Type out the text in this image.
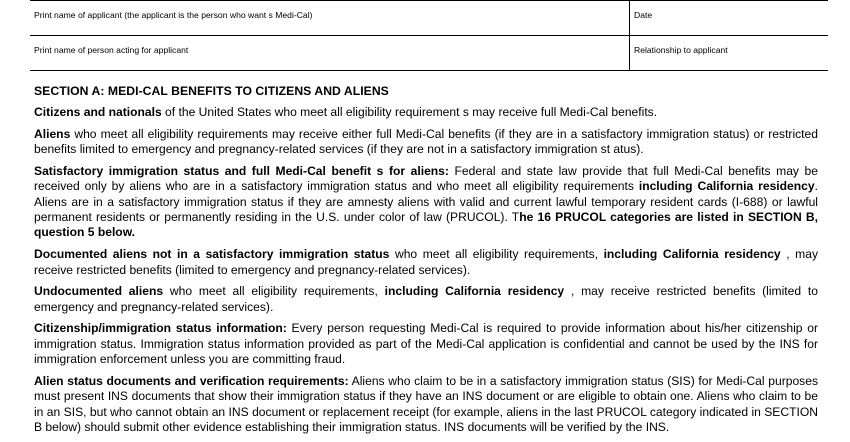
Print name of applicant (the applicant is the person who want s Medi-Cal)	Date
Print name of person acting for applicant	Relationship to applicant
SECTION A: MEDI-CAL BENEFITS TO CITIZENS AND ALIENS

Citizens and nationals of the United States who meet all eligibility requirement s may receive full Medi-Cal benefits.

Aliens who meet all eligibility requirements may receive either full Medi-Cal benefits (if they are in a satisfactory immigration status) or restricted benefits limited to emergency and pregnancy-related services (if they are not in a satisfactory immigration st atus).

Satisfactory immigration status and full Medi-Cal benefit s for aliens: Federal and state law provide that full Medi-Cal benefits may be received only by aliens who are in a satisfactory immigration status and who meet all eligibility requirements including California residency. Aliens are in a satisfactory immigration status if they are amnesty aliens with valid and current lawful temporary resident cards (I-688) or lawful permanent residents or permanently residing in the U.S. under color of law (PRUCOL). The 16 PRUCOL categories are listed in SECTION B, question 5 below.

Documented aliens not in a satisfactory immigration status who meet all eligibility requirements, including California residency , may receive restricted benefits (limited to emergency and pregnancy-related services).

Undocumented aliens who meet all eligibility requirements, including California residency , may receive restricted benefits (limited to emergency and pregnancy-related services).

Citizenship/immigration status information: Every person requesting Medi-Cal is required to provide information about his/her citizenship or immigration status. Immigration status information provided as part of the Medi-Cal application is confidential and cannot be used by the INS for immigration enforcement unless you are committing fraud.

Alien status documents and verification requirements: Aliens who claim to be in a satisfactory immigration status (SIS) for Medi-Cal purposes must present INS documents that show their immigration status if they have an INS document or are eligible to obtain one. Aliens who claim to be in an SIS, but who cannot obtain an INS document or replacement receipt (for example, aliens in the last PRUCOL category indicated in SECTION B below) should submit other evidence establishing their immigration status. INS documents will be verified by the INS.
